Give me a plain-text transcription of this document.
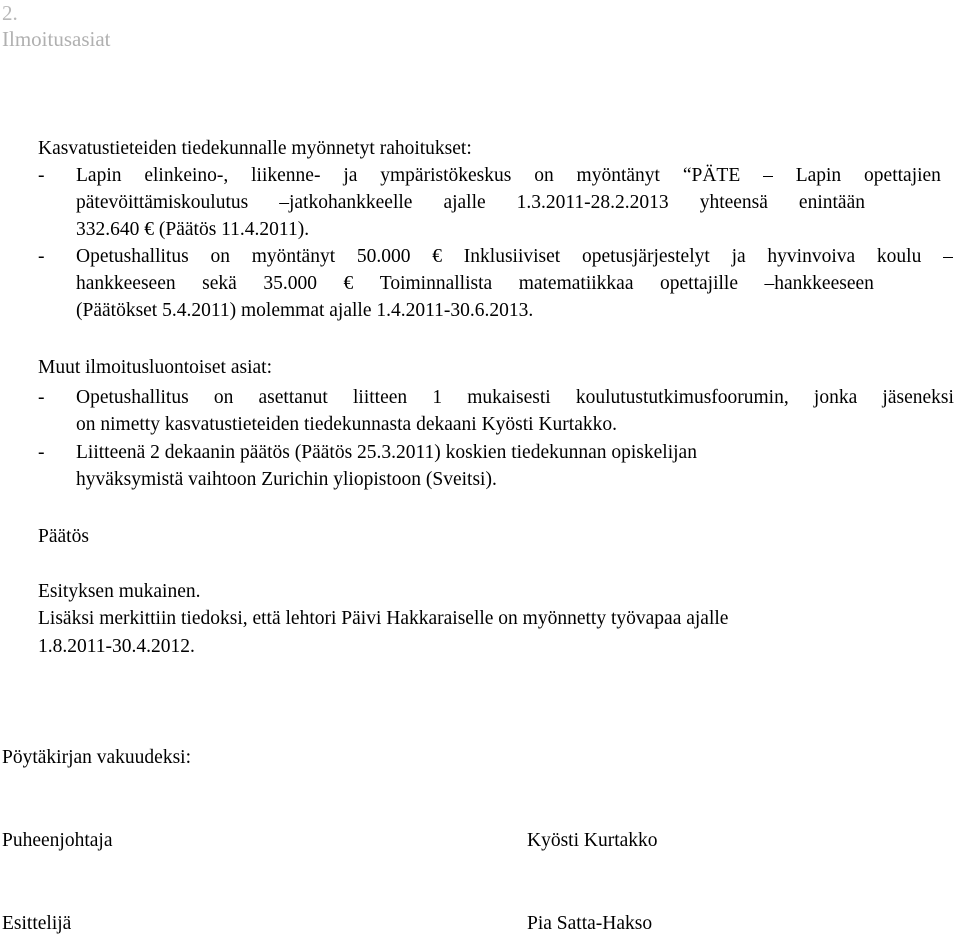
2.
Ilmoitusasiat
Kasvatustieteiden tiedekunnalle myönnetyt rahoitukset:
- Lapin elinkeino-, liikenne- ja ympäristökeskus on myöntänyt “PÄTE – Lapin opettajien
pätevöittämiskoulutus –jatkohankkeelle ajalle 1.3.2011-28.2.2013 yhteensä enintään
332.640 € (Päätös 11.4.2011).
- Opetushallitus on myöntänyt 50.000 € Inklusiiviset opetusjärjestelyt ja hyvinvoiva koulu –
hankkeeseen sekä 35.000 € Toiminnallista matematiikkaa opettajille –hankkeeseen
(Päätökset 5.4.2011) molemmat ajalle 1.4.2011-30.6.2013.
Muut ilmoitusluontoiset asiat:
- Opetushallitus on asettanut liitteen 1 mukaisesti koulutustutkimusfoorumin, jonka jäseneksi
on nimetty kasvatustieteiden tiedekunnasta dekaani Kyösti Kurtakko.
- Liitteenä 2 dekaanin päätös (Päätös 25.3.2011) koskien tiedekunnan opiskelijan
hyväksymistä vaihtoon Zurichin yliopistoon (Sveitsi).
Päätös
Esityksen mukainen.
Lisäksi merkittiin tiedoksi, että lehtori Päivi Hakkaraiselle on myönnetty työvapaa ajalle
1.8.2011-30.4.2012.
Pöytäkirjan vakuudeksi:
Puheenjohtaja	Kyösti Kurtakko
Esittelijä	Pia Satta-Hakso
